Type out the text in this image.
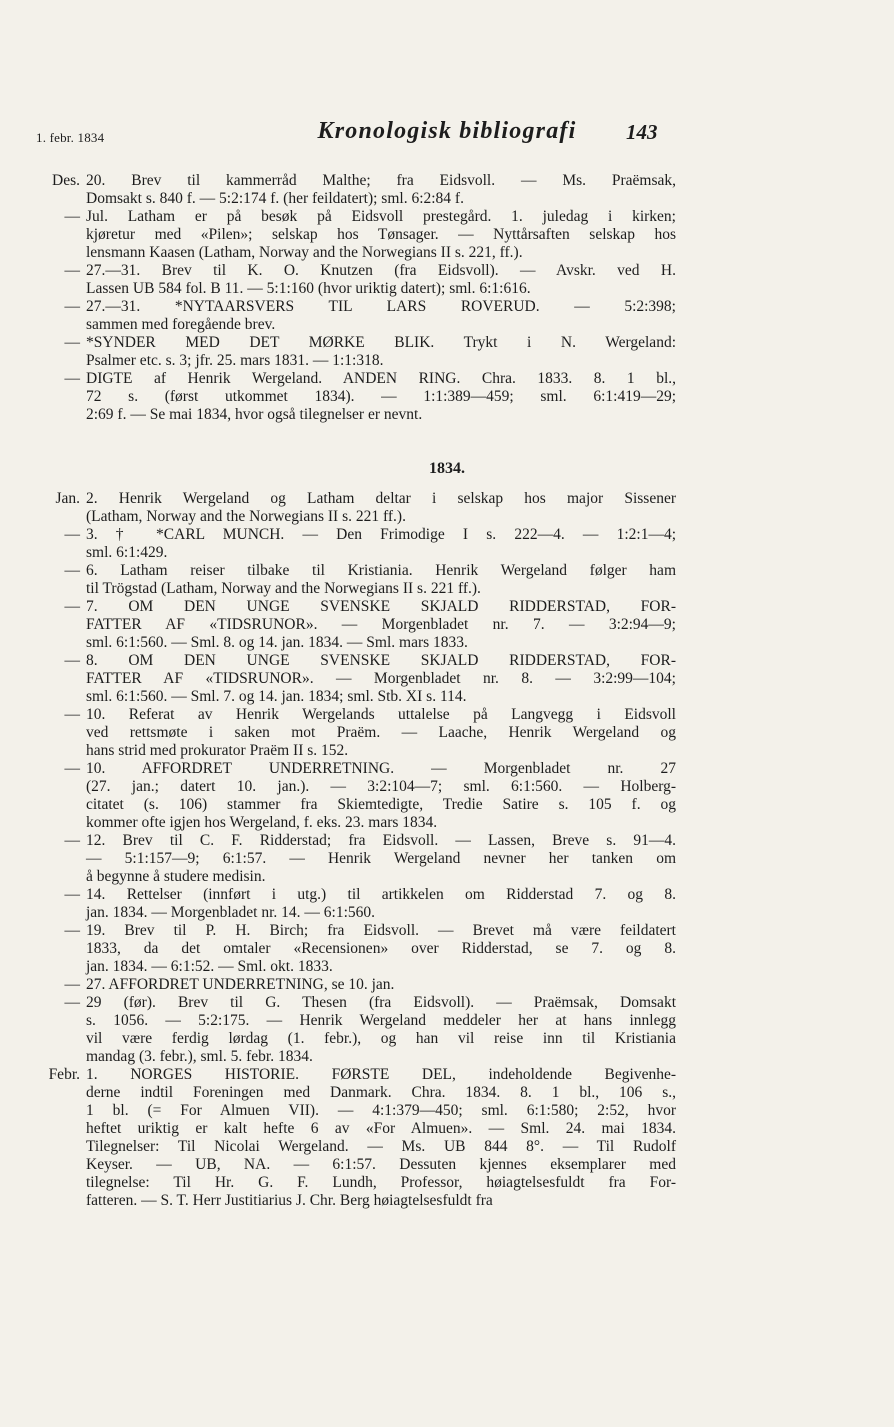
1. febr. 1834	Kronologisk bibliografi	143
Des. 20. Brev til kammerråd Malthe; fra Eidsvoll. — Ms. Praëmsak,
Domsakt s. 840 f. — 5:2:174 f. (her feildatert); sml. 6:2:84 f.
— Jul. Latham er på besøk på Eidsvoll prestegård. 1. juledag i kirken;
kjøretur med «Pilen»; selskap hos Tønsager. — Nyttårsaften selskap hos
lensmann Kaasen (Latham, Norway and the Norwegians II s. 221, ff.).
— 27.—31. Brev til K. O. Knutzen (fra Eidsvoll). — Avskr. ved H.
Lassen UB 584 fol. B 11. — 5:1:160 (hvor uriktig datert); sml. 6:1:616.
— 27.—31. *NYTAARSVERS TIL LARS ROVERUD. — 5:2:398;
sammen med foregående brev.
— *SYNDER MED DET MØRKE BLIK. Trykt i N. Wergeland:
Psalmer etc. s. 3; jfr. 25. mars 1831. — 1:1:318.
— DIGTE af Henrik Wergeland. ANDEN RING. Chra. 1833. 8. 1 bl.,
72 s. (først utkommet 1834). — 1:1:389—459; sml. 6:1:419—29;
2:69 f. — Se mai 1834, hvor også tilegnelser er nevnt.
1834.
Jan. 2. Henrik Wergeland og Latham deltar i selskap hos major Sissener
(Latham, Norway and the Norwegians II s. 221 ff.).
— 3. † *CARL MUNCH. — Den Frimodige I s. 222—4. — 1:2:1—4;
sml. 6:1:429.
— 6. Latham reiser tilbake til Kristiania. Henrik Wergeland følger ham
til Trögstad (Latham, Norway and the Norwegians II s. 221 ff.).
— 7. OM DEN UNGE SVENSKE SKJALD RIDDERSTAD, FOR-
FATTER AF «TIDSRUNOR». — Morgenbladet nr. 7. — 3:2:94—9;
sml. 6:1:560. — Sml. 8. og 14. jan. 1834. — Sml. mars 1833.
— 8. OM DEN UNGE SVENSKE SKJALD RIDDERSTAD, FOR-
FATTER AF «TIDSRUNOR». — Morgenbladet nr. 8. — 3:2:99—104;
sml. 6:1:560. — Sml. 7. og 14. jan. 1834; sml. Stb. XI s. 114.
— 10. Referat av Henrik Wergelands uttalelse på Langvegg i Eidsvoll
ved rettsmøte i saken mot Praëm. — Laache, Henrik Wergeland og
hans strid med prokurator Praëm II s. 152.
— 10. AFFORDRET UNDERRETNING. — Morgenbladet nr. 27
(27. jan.; datert 10. jan.). — 3:2:104—7; sml. 6:1:560. — Holberg-
citatet (s. 106) stammer fra Skiemtedigte, Tredie Satire s. 105 f. og
kommer ofte igjen hos Wergeland, f. eks. 23. mars 1834.
— 12. Brev til C. F. Ridderstad; fra Eidsvoll. — Lassen, Breve s. 91—4.
— 5:1:157—9; 6:1:57. — Henrik Wergeland nevner her tanken om
å begynne å studere medisin.
— 14. Rettelser (innført i utg.) til artikkelen om Ridderstad 7. og 8.
jan. 1834. — Morgenbladet nr. 14. — 6:1:560.
— 19. Brev til P. H. Birch; fra Eidsvoll. — Brevet må være feildatert
1833, da det omtaler «Recensionen» over Ridderstad, se 7. og 8.
jan. 1834. — 6:1:52. — Sml. okt. 1833.
— 27. AFFORDRET UNDERRETNING, se 10. jan.
— 29 (før). Brev til G. Thesen (fra Eidsvoll). — Praëmsak, Domsakt
s. 1056. — 5:2:175. — Henrik Wergeland meddeler her at hans innlegg
vil være ferdig lørdag (1. febr.), og han vil reise inn til Kristiania
mandag (3. febr.), sml. 5. febr. 1834.
Febr. 1. NORGES HISTORIE. FØRSTE DEL, indeholdende Begivenhe-
derne indtil Foreningen med Danmark. Chra. 1834. 8. 1 bl., 106 s.,
1 bl. (= For Almuen VII). — 4:1:379—450; sml. 6:1:580; 2:52, hvor
heftet uriktig er kalt hefte 6 av «For Almuen». — Sml. 24. mai 1834.
Tilegnelser: Til Nicolai Wergeland. — Ms. UB 844 8°. — Til Rudolf
Keyser. — UB, NA. — 6:1:57. Dessuten kjennes eksemplarer med
tilegnelse: Til Hr. G. F. Lundh, Professor, høiagtelsesfuldt fra For-
fatteren. — S. T. Herr Justitiarius J. Chr. Berg høiagtelsesfuldt fra
